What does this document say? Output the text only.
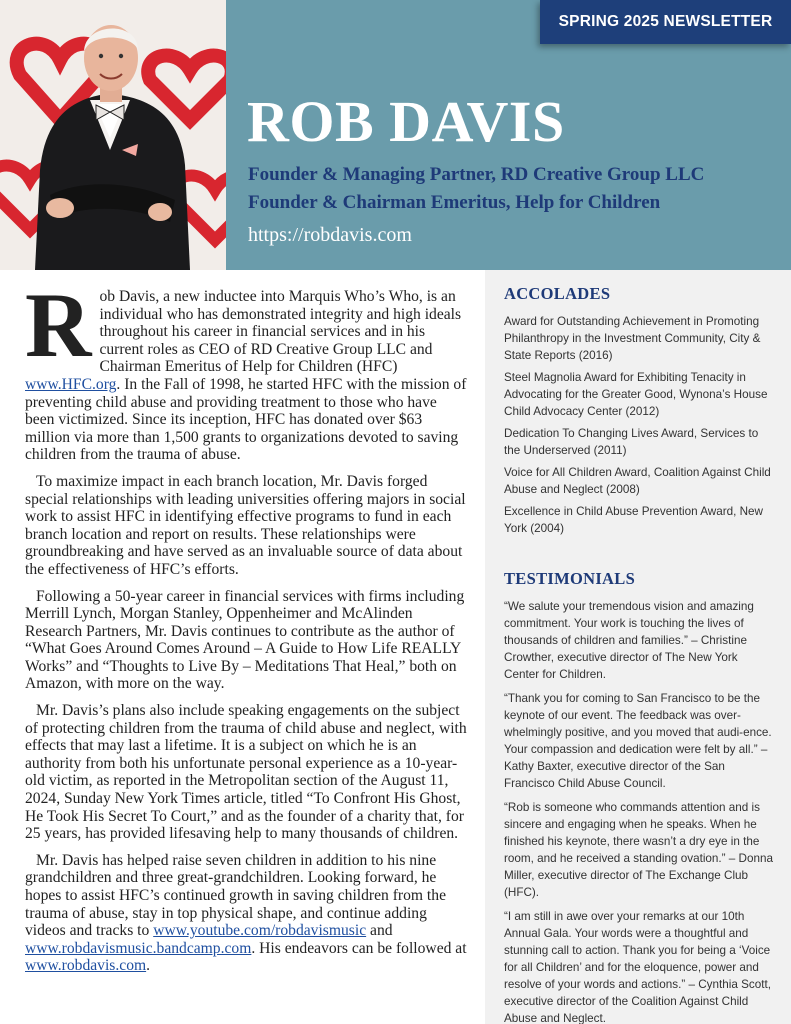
SPRING 2025 NEWSLETTER
ROB DAVIS
Founder & Managing Partner, RD Creative Group LLC
Founder & Chairman Emeritus, Help for Children
https://robdavis.com

Rob Davis, a new inductee into Marquis Who’s Who, is an individual who has demonstrated integrity and high ideals throughout his career in financial services and in his current roles as CEO of RD Creative Group LLC and Chairman Emeritus of Help for Children (HFC) www.HFC.org. In the Fall of 1998, he started HFC with the mission of preventing child abuse and providing treatment to those who have been victimized. Since its inception, HFC has donated over $63 million via more than 1,500 grants to organizations devoted to saving children from the trauma of abuse.

To maximize impact in each branch location, Mr. Davis forged special relationships with leading universities offering majors in social work to assist HFC in identifying effective programs to fund in each branch location and report on results. These relationships were groundbreaking and have served as an invaluable source of data about the effectiveness of HFC’s efforts.

Following a 50-year career in financial services with firms including Merrill Lynch, Morgan Stanley, Oppenheimer and McAlinden Research Partners, Mr. Davis continues to contribute as the author of “What Goes Around Comes Around – A Guide to How Life REALLY Works” and “Thoughts to Live By – Meditations That Heal,” both on Amazon, with more on the way.

Mr. Davis’s plans also include speaking engagements on the subject of protecting children from the trauma of child abuse and neglect, with effects that may last a lifetime. It is a subject on which he is an authority from both his unfortunate personal experience as a 10-year-old victim, as reported in the Metropolitan section of the August 11, 2024, Sunday New York Times article, titled “To Confront His Ghost, He Took His Secret To Court,” and as the founder of a charity that, for 25 years, has provided lifesaving help to many thousands of children.

Mr. Davis has helped raise seven children in addition to his nine grandchildren and three great-grandchildren. Looking forward, he hopes to assist HFC’s continued growth in saving children from the trauma of abuse, stay in top physical shape, and continue adding videos and tracks to www.youtube.com/robdavismusic and www.robdavismusic.bandcamp.com. His endeavors can be followed at www.robdavis.com.

ACCOLADES
Award for Outstanding Achievement in Promoting Philanthropy in the Investment Community, City & State Reports (2016)
Steel Magnolia Award for Exhibiting Tenacity in Advocating for the Greater Good, Wynona’s House Child Advocacy Center (2012)
Dedication To Changing Lives Award, Services to the Underserved (2011)
Voice for All Children Award, Coalition Against Child Abuse and Neglect (2008)
Excellence in Child Abuse Prevention Award, New York (2004)
TESTIMONIALS
“We salute your tremendous vision and amazing commitment. Your work is touching the lives of thousands of children and families.” – Christine Crowther, executive director of The New York Center for Children.
“Thank you for coming to San Francisco to be the keynote of our event. The feedback was over-whelmingly positive, and you moved that audi-ence. Your compassion and dedication were felt by all.” – Kathy Baxter, executive director of the San Francisco Child Abuse Council.
“Rob is someone who commands attention and is sincere and engaging when he speaks. When he finished his keynote, there wasn’t a dry eye in the room, and he received a standing ovation.” – Donna Miller, executive director of The Exchange Club (HFC).
“I am still in awe over your remarks at our 10th Annual Gala. Your words were a thoughtful and stunning call to action. Thank you for being a ‘Voice for all Children’ and for the eloquence, power and resolve of your words and actions.” – Cynthia Scott, executive director of the Coalition Against Child Abuse and Neglect.
